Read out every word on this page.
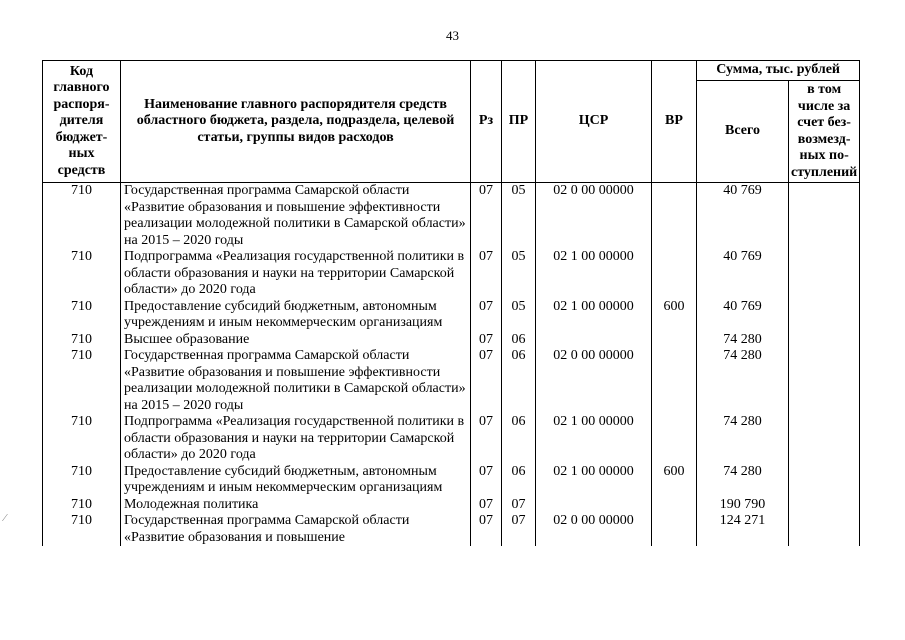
43
Код главного распоря-дителя бюджет-ных средств	Наименование главного распорядителя средств областного бюджета, раздела, подраздела, целевой статьи, группы видов расходов	Рз	ПР	ЦСР	ВР	Сумма, тыс. рублей	
						Всего	в том числе за счет без-возмезд-ных по-ступлений
710	Государственная программа Самарской области «Развитие образования и повышение эффективности реализации молодежной политики в Самарской области» на 2015 – 2020 годы	07	05	02 0 00 00000		40 769	
710	Подпрограмма «Реализация государственной политики в области образования и науки на территории Самарской области» до 2020 года	07	05	02 1 00 00000		40 769	
710	Предоставление субсидий бюджетным, автономным учреждениям и иным некоммерческим организациям	07	05	02 1 00 00000	600	40 769	
710	Высшее образование	07	06			74 280	
710	Государственная программа Самарской области «Развитие образования и повышение эффективности реализации молодежной политики в Самарской области» на 2015 – 2020 годы	07	06	02 0 00 00000		74 280	
710	Подпрограмма «Реализация государственной политики в области образования и науки на территории Самарской области» до 2020 года	07	06	02 1 00 00000		74 280	
710	Предоставление субсидий бюджетным, автономным учреждениям и иным некоммерческим организациям	07	06	02 1 00 00000	600	74 280	
710	Молодежная политика	07	07			190 790	
710	Государственная программа Самарской области «Развитие образования и повышение	07	07	02 0 00 00000		124 271	
⁄
